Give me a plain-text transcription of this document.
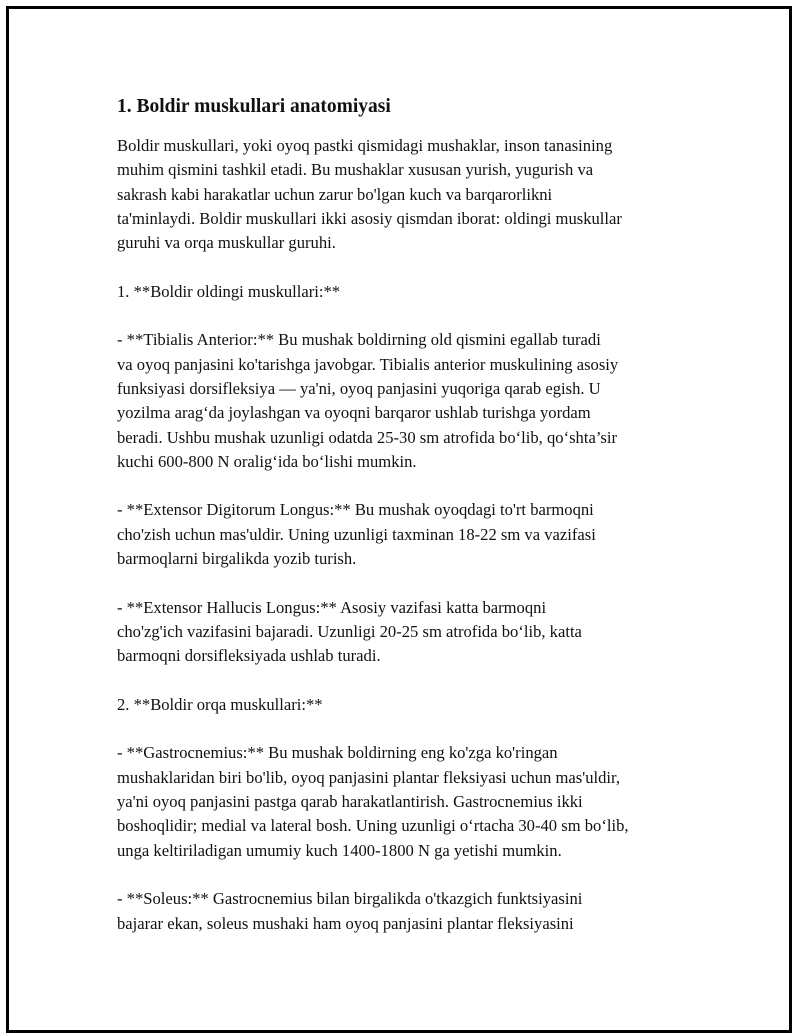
1. Boldir muskullari anatomiyasi

Boldir muskullari, yoki oyoq pastki qismidagi mushaklar, inson tanasining
muhim qismini tashkil etadi. Bu mushaklar xususan yurish, yugurish va
sakrash kabi harakatlar uchun zarur bo'lgan kuch va barqarorlikni
ta'minlaydi. Boldir muskullari ikki asosiy qismdan iborat: oldingi muskullar
guruhi va orqa muskullar guruhi.

1. **Boldir oldingi muskullari:**

- **Tibialis Anterior:** Bu mushak boldirning old qismini egallab turadi
va oyoq panjasini ko'tarishga javobgar. Tibialis anterior muskulining asosiy
funksiyasi dorsifleksiya — ya'ni, oyoq panjasini yuqoriga qarab egish. U
yozilma arag‘da joylashgan va oyoqni barqaror ushlab turishga yordam
beradi. Ushbu mushak uzunligi odatda 25-30 sm atrofida bo‘lib, qo‘shta’sir
kuchi 600-800 N oralig‘ida bo‘lishi mumkin.

- **Extensor Digitorum Longus:** Bu mushak oyoqdagi to'rt barmoqni
cho'zish uchun mas'uldir. Uning uzunligi taxminan 18-22 sm va vazifasi
barmoqlarni birgalikda yozib turish.

- **Extensor Hallucis Longus:** Asosiy vazifasi katta barmoqni
cho'zg'ich vazifasini bajaradi. Uzunligi 20-25 sm atrofida bo‘lib, katta
barmoqni dorsifleksiyada ushlab turadi.

2. **Boldir orqa muskullari:**

- **Gastrocnemius:** Bu mushak boldirning eng ko'zga ko'ringan
mushaklaridan biri bo'lib, oyoq panjasini plantar fleksiyasi uchun mas'uldir,
ya'ni oyoq panjasini pastga qarab harakatlantirish. Gastrocnemius ikki
boshoqlidir; medial va lateral bosh. Uning uzunligi o‘rtacha 30-40 sm bo‘lib,
unga keltiriladigan umumiy kuch 1400-1800 N ga yetishi mumkin.

- **Soleus:** Gastrocnemius bilan birgalikda o'tkazgich funktsiyasini
bajarar ekan, soleus mushaki ham oyoq panjasini plantar fleksiyasini
